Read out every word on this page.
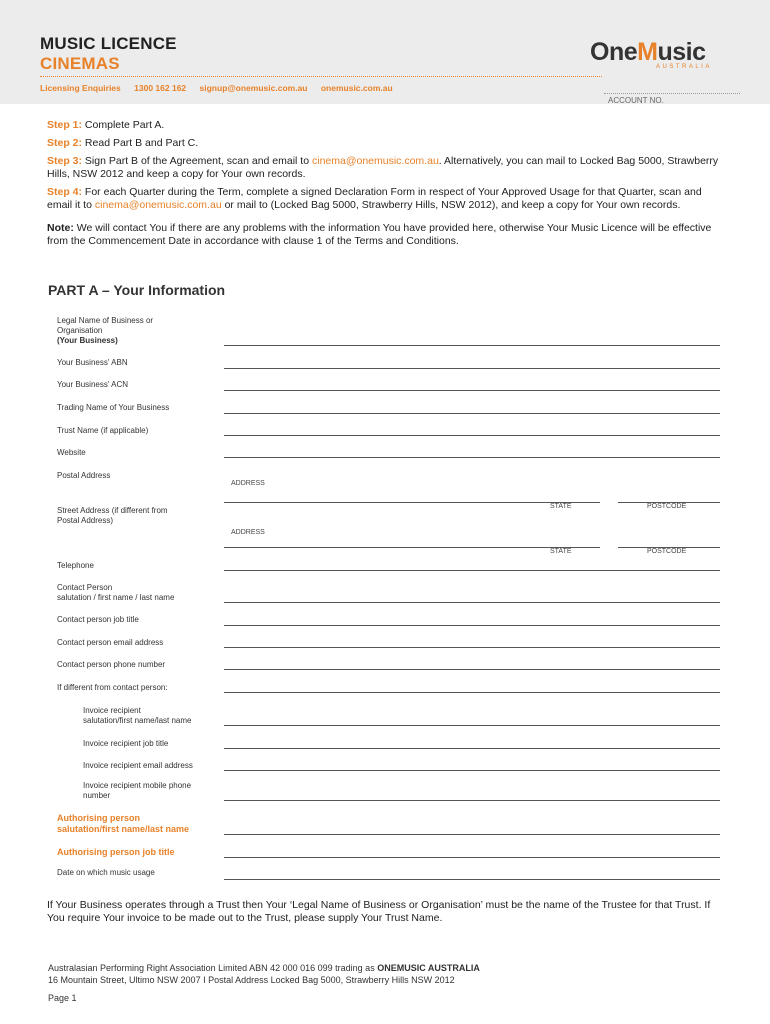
MUSIC LICENCE
CINEMAS
Licensing Enquiries 1300 162 162 signup@onemusic.com.au onemusic.com.au
OneMusic
AUSTRALIA
ACCOUNT NO.

Step 1: Complete Part A.

Step 2: Read Part B and Part C.

Step 3: Sign Part B of the Agreement, scan and email to cinema@onemusic.com.au. Alternatively, you can mail to Locked Bag 5000, Strawberry Hills, NSW 2012 and keep a copy for Your own records.

Step 4: For each Quarter during the Term, complete a signed Declaration Form in respect of Your Approved Usage for that Quarter, scan and email it to cinema@onemusic.com.au or mail to (Locked Bag 5000, Strawberry Hills, NSW 2012), and keep a copy for Your own records.

Note: We will contact You if there are any problems with the information You have provided here, otherwise Your Music Licence will be effective from the Commencement Date in accordance with clause 1 of the Terms and Conditions.

PART A – Your Information
Legal Name of Business or
Organisation
(Your Business)
Your Business' ABN
Your Business' ACN
Trading Name of Your Business
Trust Name (if applicable)
Website
Postal Address
ADDRESS
STATE	POSTCODE
Street Address (if different from
Postal Address)
ADDRESS
STATE	POSTCODE
Telephone
Contact Person
salutation / first name / last name
Contact person job title
Contact person email address
Contact person phone number
If different from contact person:
Invoice recipient
salutation/first name/last name
Invoice recipient job title
Invoice recipient email address
Invoice recipient mobile phone
number
Authorising person
salutation/first name/last name
Authorising person job title
Date on which music usage
If Your Business operates through a Trust then Your ‘Legal Name of Business or Organisation’ must be the name of the Trustee for that Trust. If You require Your invoice to be made out to the Trust, please supply Your Trust Name.
Australasian Performing Right Association Limited ABN 42 000 016 099 trading as ONEMUSIC AUSTRALIA
16 Mountain Street, Ultimo NSW 2007 I Postal Address Locked Bag 5000, Strawberry Hills NSW 2012
Page 1
